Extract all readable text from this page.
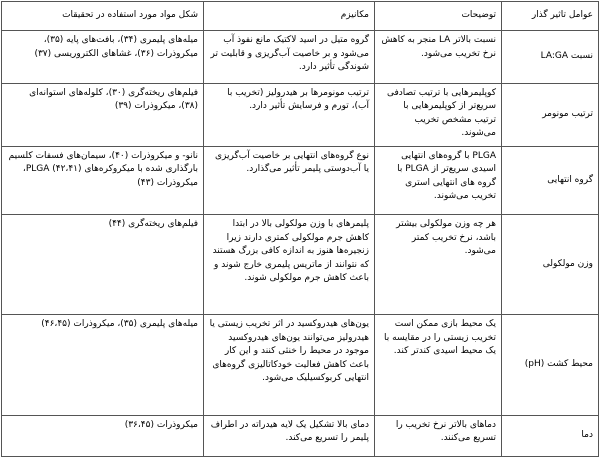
عوامل تاثیر گذار	توضیحات	مکانیزم	شکل مواد مورد استفاده در تحقیقات
نسبت LA:GA	نسبت بالاتر LA منجر به کاهش نرخ تخریب می‌شود.	گروه متیل در اسید لاکتیک مانع نفوذ آب می‌شود و بر خاصیت آب‌گریزی و قابلیت تر شوندگی تأثیر دارد.	میله‌های پلیمری (۳۴)، بافت‌های پایه (۳۵)، میکروذرات (۳۶)، غشاهای الکتروریسی (۳۷)
ترتیب مونومر	کوپلیمرهایی با ترتیب تصادفی سریع‌تر از کوپلیمرهایی با ترتیب مشخص تخریب می‌شوند.	ترتیب مونومرها بر هیدرولیز (تخریب با آب)، تورم و فرسایش تأثیر دارد.	فیلم‌های ریخته‌گری (۳۰)، کلوله‌های استوانه‌ای (۳۸)، میکروذرات (۳۹)
گروه انتهایی	PLGA با گروه‌های انتهایی اسیدی سریع‌تر از PLGA با گروه های انتهایی استری تخریب می‌شوند.	نوع گروه‌های انتهایی بر خاصیت آب‌گریزی یا آب‌دوستی پلیمر تأثیر می‌گذارد.	نانو- و میکروذرات (۴۰)، سیمان‌های فسفات کلسیم بارگذاری شده با میکروکره‌های PLGA (۴۲،۴۱)، میکروذرات (۴۳)
وزن مولکولی	هر چه وزن مولکولی بیشتر باشد، نرخ تخریب کمتر می‌شود.	پلیمرهای با وزن مولکولی بالا در ابتدا کاهش جرم مولکولی کمتری دارند زیرا زنجیره‌ها هنوز به اندازه کافی بزرگ هستند که نتوانند از ماتریس پلیمری خارج شوند و باعث کاهش جرم مولکولی شوند.	فیلم‌های ریخته‌گری (۴۴)
محیط کشت (pH)	یک محیط بازی ممکن است تخریب زیستی را در مقایسه با یک محیط اسیدی کندتر کند.	یون‌های هیدروکسید در اثر تخریب زیستی یا هیدرولیز می‌توانند یون‌های هیدروکسید موجود در محیط را خنثی کنند و این کار باعث کاهش فعالیت خودکاتالیزی گروه‌های انتهایی کربوکسیلیک می‌شود.	میله‌های پلیمری (۳۵)، میکروذرات (۴۶،۴۵)
دما	دماهای بالاتر نرخ تخریب را تسریع می‌کنند.	دمای بالا تشکیل یک لایه هیدراته در اطراف پلیمر را تسریع می‌کند.	میکروذرات (۳۶،۴۵)
